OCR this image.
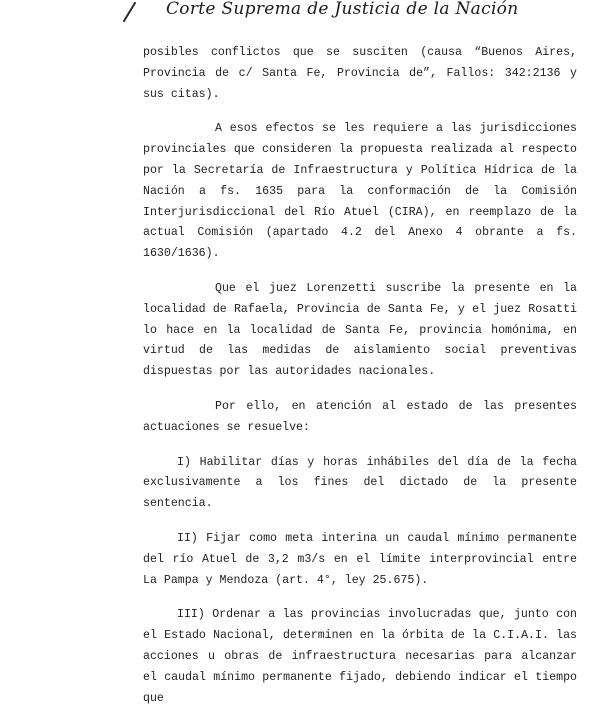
Corte Suprema de Justicia de la Nación

posibles conflictos que se susciten (causa “Buenos Aires, Provincia de c/ Santa Fe, Provincia de”, Fallos: 342:2136 y sus citas).

A esos efectos se les requiere a las jurisdicciones provinciales que consideren la propuesta realizada al respecto por la Secretaría de Infraestructura y Política Hídrica de la Nación a fs. 1635 para la conformación de la Comisión Interjurisdiccional del Río Atuel (CIRA), en reemplazo de la actual Comisión (apartado 4.2 del Anexo 4 obrante a fs. 1630/1636).

Que el juez Lorenzetti suscribe la presente en la localidad de Rafaela, Provincia de Santa Fe, y el juez Rosatti lo hace en la localidad de Santa Fe, provincia homónima, en virtud de las medidas de aislamiento social preventivas dispuestas por las autoridades nacionales.

Por ello, en atención al estado de las presentes actuaciones se resuelve:

I) Habilitar días y horas inhábiles del día de la fecha exclusivamente a los fines del dictado de la presente sentencia.

II) Fijar como meta interina un caudal mínimo permanente del río Atuel de 3,2 m3/s en el límite interprovincial entre La Pampa y Mendoza (art. 4°, ley 25.675).

III) Ordenar a las provincias involucradas que, junto con el Estado Nacional, determinen en la órbita de la C.I.A.I. las acciones u obras de infraestructura necesarias para alcanzar el caudal mínimo permanente fijado, debiendo indicar el tiempo que
